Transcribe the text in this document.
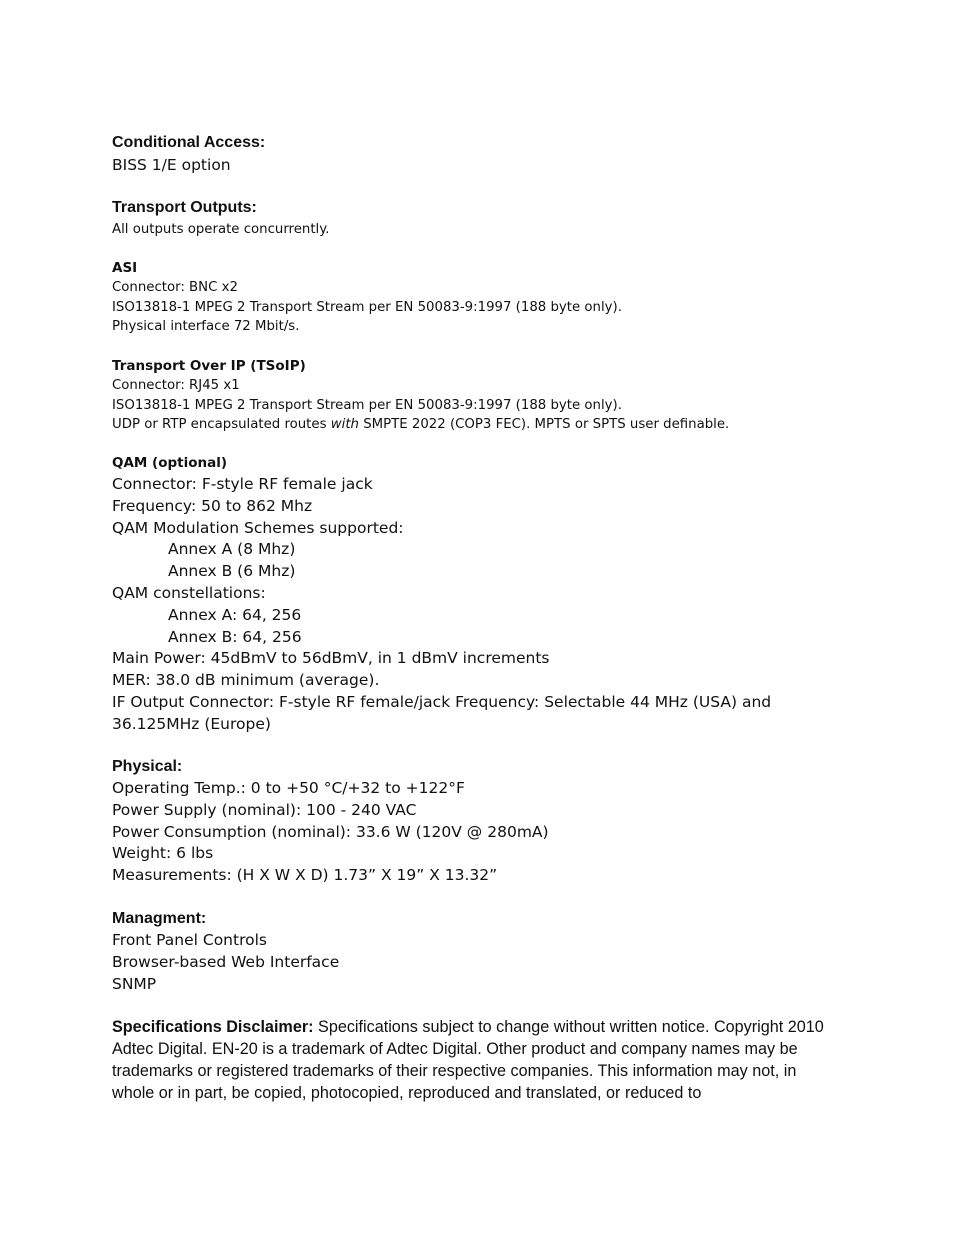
Conditional Access:
BISS 1/E option
Transport Outputs:
All outputs operate concurrently.
ASI
Connector: BNC x2
ISO13818-1 MPEG 2 Transport Stream per EN 50083-9:1997 (188 byte only).
Physical interface 72 Mbit/s.
Transport Over IP (TSoIP)
Connector: RJ45 x1
ISO13818-1 MPEG 2 Transport Stream per EN 50083-9:1997 (188 byte only).
UDP or RTP encapsulated routes with SMPTE 2022 (COP3 FEC). MPTS or SPTS user definable.
QAM (optional)
Connector: F-style RF female jack
Frequency: 50 to 862 Mhz
QAM Modulation Schemes supported:
Annex A (8 Mhz)
Annex B (6 Mhz)
QAM constellations:
Annex A: 64, 256
Annex B: 64, 256
Main Power: 45dBmV to 56dBmV, in 1 dBmV increments
MER: 38.0 dB minimum (average).
IF Output Connector: F-style RF female/jack Frequency: Selectable 44 MHz (USA) and 36.125MHz (Europe)
Physical:
Operating Temp.: 0 to +50 °C/+32 to +122°F
Power Supply (nominal): 100 - 240 VAC
Power Consumption (nominal): 33.6 W (120V @ 280mA)
Weight: 6 lbs
Measurements: (H X W X D) 1.73” X 19” X 13.32”
Managment:
Front Panel Controls
Browser-based Web Interface
SNMP
Specifications Disclaimer: Specifications subject to change without written notice. Copyright 2010 Adtec Digital. EN-20 is a trademark of Adtec Digital. Other product and company names may be trademarks or registered trademarks of their respective companies. This information may not, in whole or in part, be copied, photocopied, reproduced and translated, or reduced to
